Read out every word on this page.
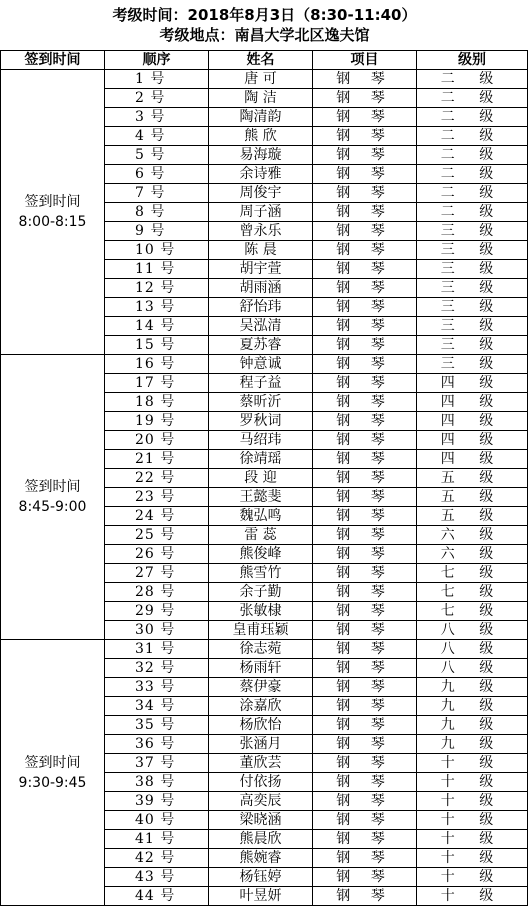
考级时间：2018年8月3日（8:30-11:40）
考级地点：南昌大学北区逸夫馆
签到时间	顺序	姓名	项目	级别

签到时间
8:00-8:15	1 号	唐 可	钢 琴	二 级
	2 号	陶 洁	钢 琴	二 级
	3 号	陶清韵	钢 琴	二 级
	4 号	熊 欣	钢 琴	二 级
	5 号	易海璇	钢 琴	二 级
	6 号	余诗雅	钢 琴	二 级
	7 号	周俊宇	钢 琴	二 级
	8 号	周子涵	钢 琴	二 级
	9 号	曾永乐	钢 琴	三 级
	10 号	陈 晨	钢 琴	三 级
	11 号	胡宇萱	钢 琴	三 级
	12 号	胡雨涵	钢 琴	三 级
	13 号	舒怡玮	钢 琴	三 级
	14 号	吴泓清	钢 琴	三 级
	15 号	夏苏睿	钢 琴	三 级

签到时间
8:45-9:00	16 号	钟意诚	钢 琴	三 级
	17 号	程子益	钢 琴	四 级
	18 号	蔡昕沂	钢 琴	四 级
	19 号	罗秋词	钢 琴	四 级
	20 号	马绍玮	钢 琴	四 级
	21 号	徐靖瑶	钢 琴	四 级
	22 号	段 迎	钢 琴	五 级
	23 号	王懿斐	钢 琴	五 级
	24 号	魏弘鸣	钢 琴	五 级
	25 号	雷 蕊	钢 琴	六 级
	26 号	熊俊峰	钢 琴	六 级
	27 号	熊雪竹	钢 琴	七 级
	28 号	余子勤	钢 琴	七 级
	29 号	张敏棣	钢 琴	七 级
	30 号	皇甫珏颖	钢 琴	八 级

签到时间
9:30-9:45	31 号	徐志菀	钢 琴	八 级
	32 号	杨雨轩	钢 琴	八 级
	33 号	蔡伊豪	钢 琴	九 级
	34 号	涂嘉欣	钢 琴	九 级
	35 号	杨欣怡	钢 琴	九 级
	36 号	张涵月	钢 琴	九 级
	37 号	董欣芸	钢 琴	十 级
	38 号	付依扬	钢 琴	十 级
	39 号	高奕辰	钢 琴	十 级
	40 号	梁晓涵	钢 琴	十 级
	41 号	熊晨欣	钢 琴	十 级
	42 号	熊婉睿	钢 琴	十 级
	43 号	杨钰婷	钢 琴	十 级
	44 号	叶昱妍	钢 琴	十 级
